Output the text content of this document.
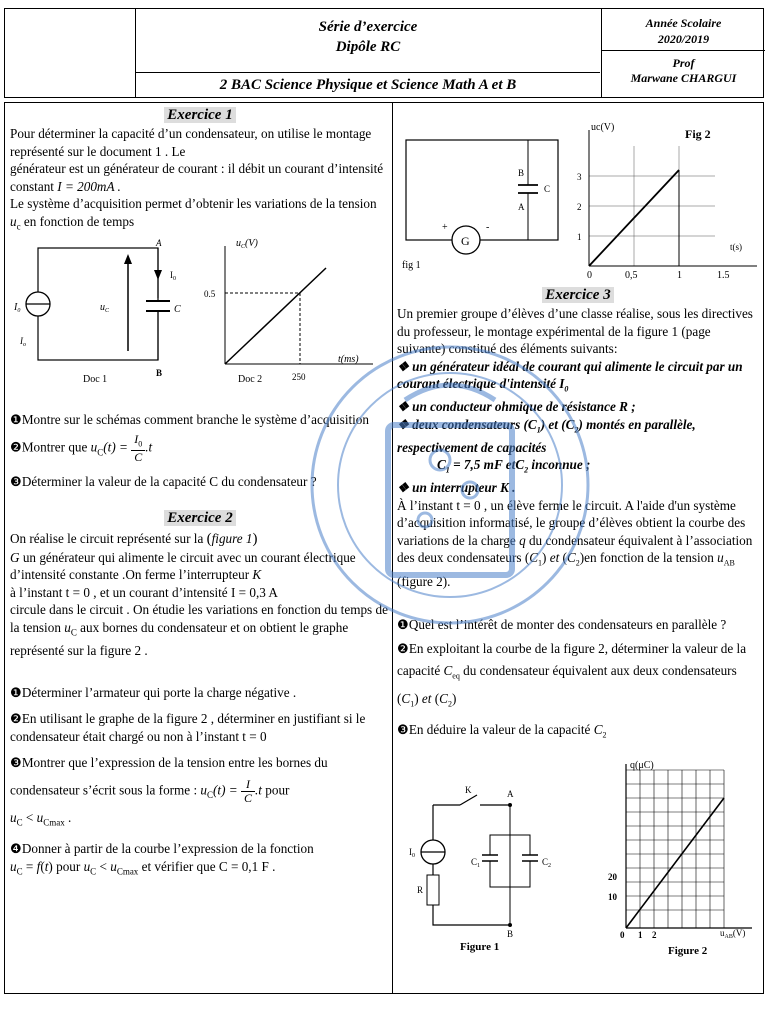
Série d’exercice
Dipôle RC
2 BAC Science Physique et Science Math A et B
Année Scolaire
2020/2019
Prof
Marwane CHARGUI
Exercice 1
Pour déterminer la capacité d’un condensateur, on utilise le montage représenté sur le document 1 . Le
générateur est un générateur de courant : il débit un courant d’intensité constant I = 200mA .
Le système d’acquisition permet d’obtenir les variations de la tension $u_c$ en fonction de temps
A
B
$I_0$
C
$u_C$
$I_0$
$I_o$
Doc 1
$u_C(V)$
0.5
250
t(ms)
Doc 2
❶Montre sur le schémas comment branche le système d’acquisition
❷Montrer que $u_C(t) = I_0$
C.t
❸Déterminer la valeur de la capacité C du condensateur ?
Exercice 2
On réalise le circuit représenté sur la (figure 1)
G un générateur qui alimente le circuit avec un courant électrique d’intensité constante .On ferme l’interrupteur K
à l’instant t = 0 , et un courant d’intensité I = 0,3 A
circule dans le circuit . On étudie les variations en fonction du temps de la tension $u_C$ aux bornes du condensateur et on obtient le graphe représenté sur la figure 2 .
❶Déterminer l’armateur qui porte la charge négative .
❷En utilisant le graphe de la figure 2 , déterminer en justifiant si le condensateur était chargé ou non à l’instant t = 0
❸Montrer que l’expression de la tension entre les bornes du
condensateur s’écrit sous la forme : $u_C(t) = \frac{I}{C}.t$ pour
$u_C < u_{Cmax}$ .
❹Donner à partir de la courbe l’expression de la fonction
$u_C = f(t)$ pour $u_C < u_{Cmax}$ et vérifier que C = 0,1 F .
G
+	-
B
A
C
fig 1
uc(V)	Fig 2
1
2
3
0	0,5	1	1.5
t(s)
Exercice 3
Un premier groupe d’élèves d’une classe réalise, sous les directives du professeur, le montage expérimental de la figure 1 (page suivante) constitué des éléments suivants:
❖ un générateur idéal de courant qui alimente le circuit par un courant électrique d'intensité $I_0$
❖ un conducteur ohmique de résistance R ;
❖ deux condensateurs $(C_1)$ et $(C_2)$ montés en parallèle, respectivement de capacités
$C_1 = 7,5$ mF etC$_2$ inconnue ;
❖ un interrupteur K .
À l’instant t = 0 , un élève ferme le circuit. A l'aide d'un système d’acquisition informatisé, le groupe d’élèves obtient la courbe des variations de la charge q du condensateur équivalent à l’association des deux condensateurs $(C_1)$ et $(C_2)en$ fonction de la tension $u_{AB}$ (figure 2).
❶Quel est l’intérêt de monter des condensateurs en parallèle ?
❷En exploitant la courbe de la figure 2, déterminer la valeur de la capacité $C_{eq}$ du condensateur équivalent aux deux condensateurs $(C_1)$ et $(C_2)$
❸En déduire la valeur de la capacité $C_2$
K	A
$I_0$
R
$C_1$	$C_2$
B
Figure 1
q(μC)
10
20
0 1 2	$u_{AB}(V)$
Figure 2
